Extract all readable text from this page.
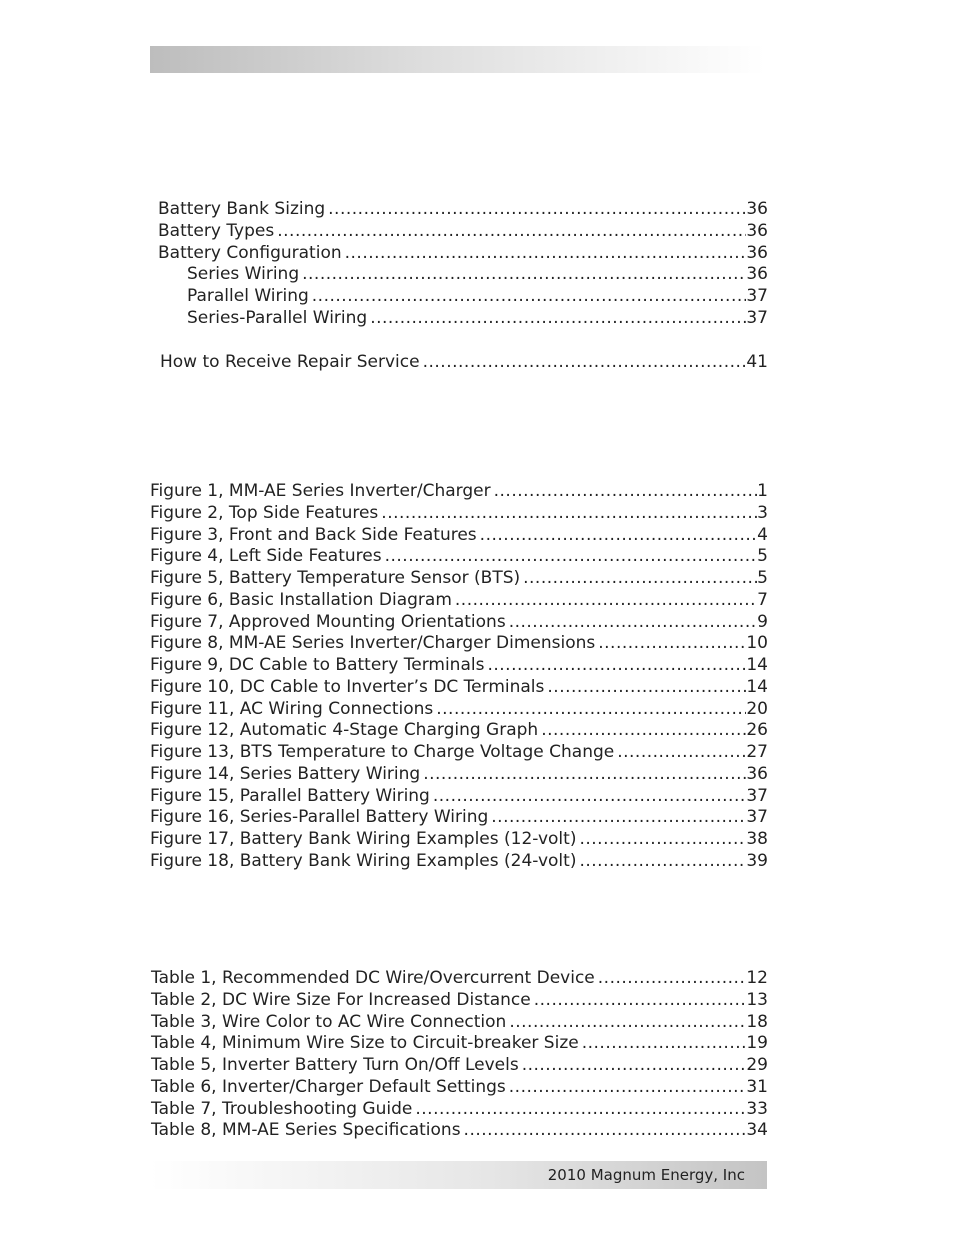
Battery Bank Sizing .....	36
Battery Types .....	36
Battery Configuration .....	36
Series Wiring .....	36
Parallel Wiring .....	37
Series-Parallel Wiring .....	37
How to Receive Repair Service .....	41
Figure 1, MM-AE Series Inverter/Charger .....	1
Figure 2, Top Side Features .....	3
Figure 3, Front and Back Side Features .....	4
Figure 4, Left Side Features .....	5
Figure 5, Battery Temperature Sensor (BTS) .....	5
Figure 6, Basic Installation Diagram .....	7
Figure 7, Approved Mounting Orientations .....	9
Figure 8, MM-AE Series Inverter/Charger Dimensions .....	10
Figure 9, DC Cable to Battery Terminals .....	14
Figure 10, DC Cable to Inverter’s DC Terminals .....	14
Figure 11, AC Wiring Connections .....	20
Figure 12, Automatic 4-Stage Charging Graph .....	26
Figure 13, BTS Temperature to Charge Voltage Change .....	27
Figure 14, Series Battery Wiring .....	36
Figure 15, Parallel Battery Wiring .....	37
Figure 16, Series-Parallel Battery Wiring .....	37
Figure 17, Battery Bank Wiring Examples (12-volt) .....	38
Figure 18, Battery Bank Wiring Examples (24-volt) .....	39
Table 1, Recommended DC Wire/Overcurrent Device .....	12
Table 2, DC Wire Size For Increased Distance .....	13
Table 3, Wire Color to AC Wire Connection .....	18
Table 4, Minimum Wire Size to Circuit-breaker Size .....	19
Table 5, Inverter Battery Turn On/Off Levels .....	29
Table 6, Inverter/Charger Default Settings .....	31
Table 7, Troubleshooting Guide .....	33
Table 8, MM-AE Series Specifications .....	34
2010 Magnum Energy, Inc
